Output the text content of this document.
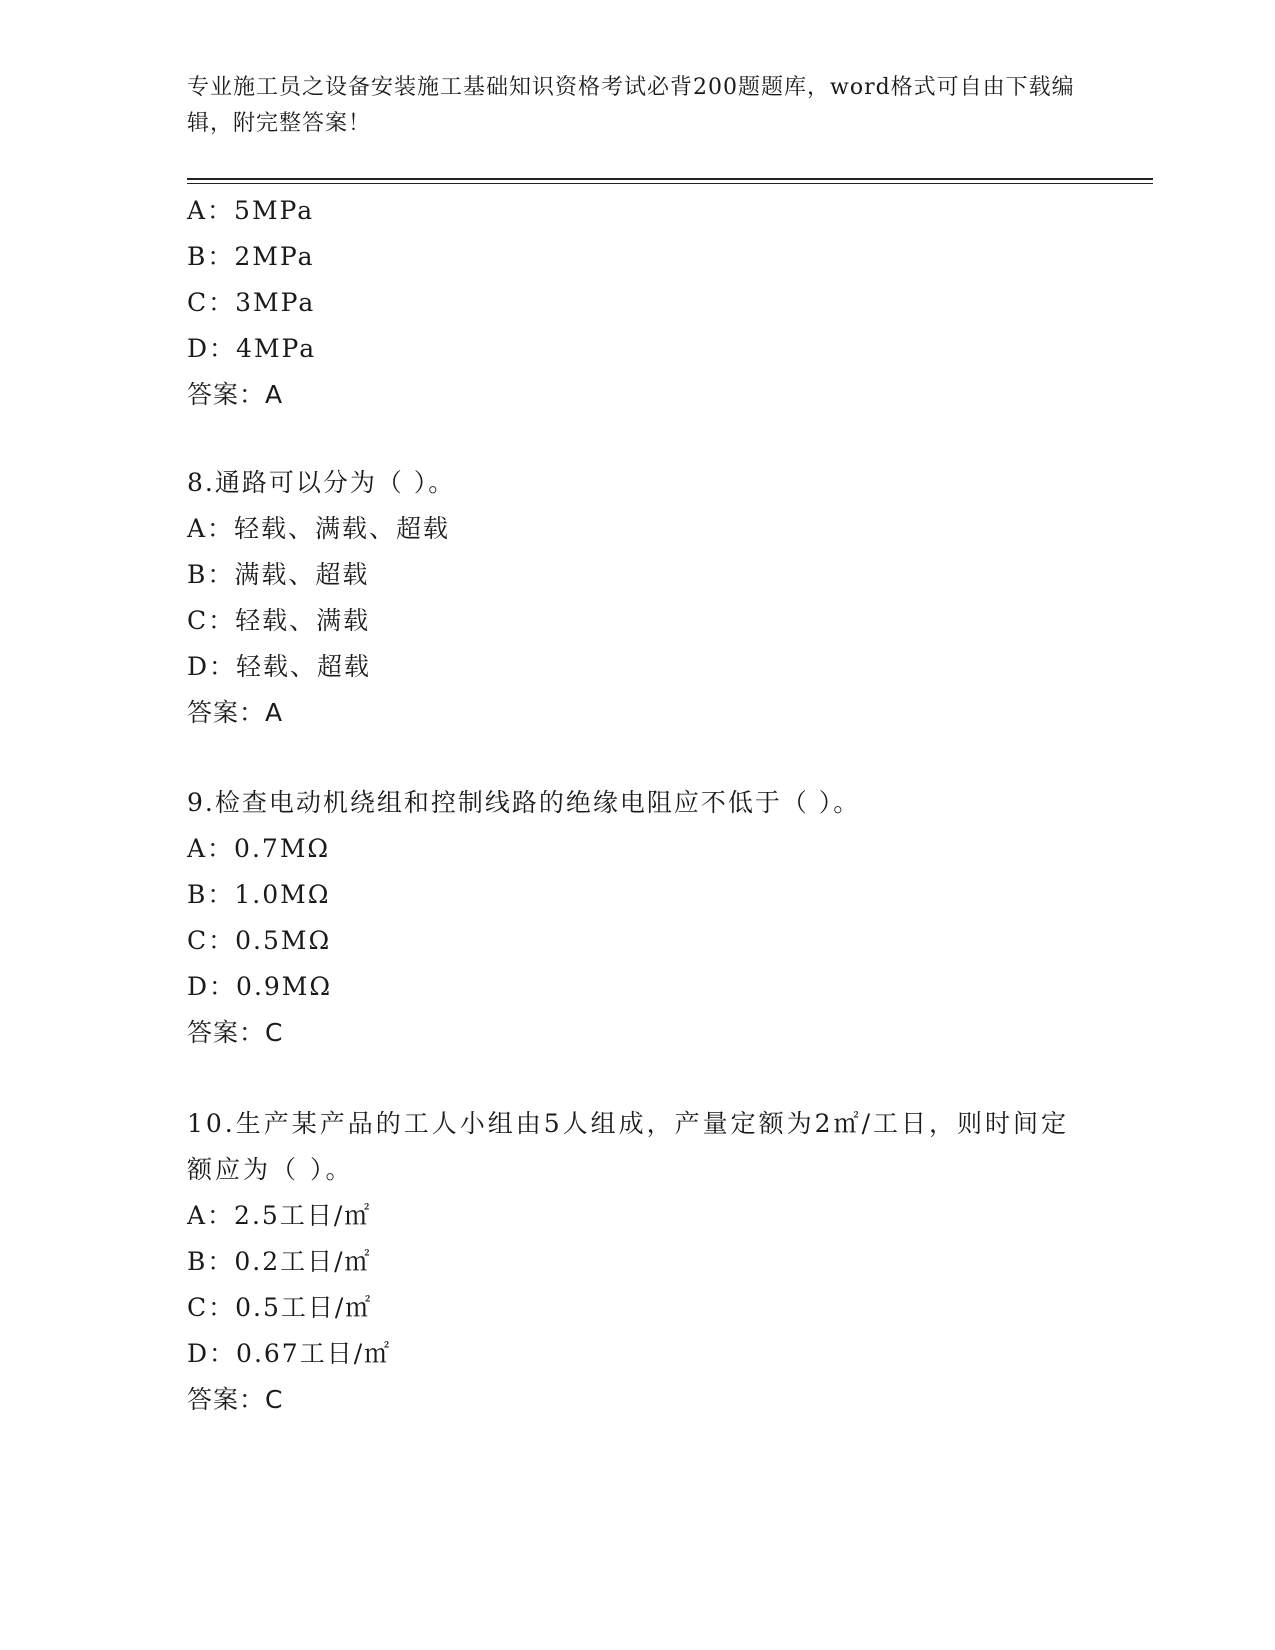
专业施工员之设备安装施工基础知识资格考试必背200题题库，word格式可自由下载编辑，附完整答案！
A：5MPa
B：2MPa
C：3MPa
D：4MPa
答案：A
8.通路可以分为（ ）。
A：轻载、满载、超载
B：满载、超载
C：轻载、满载
D：轻载、超载
答案：A
9.检查电动机绕组和控制线路的绝缘电阻应不低于（ ）。
A：0.7MΩ
B：1.0MΩ
C：0.5MΩ
D：0.9MΩ
答案：C
10.生产某产品的工人小组由5人组成，产量定额为2㎡/工日，则时间定额应为（ ）。
A：2.5工日/㎡
B：0.2工日/㎡
C：0.5工日/㎡
D：0.67工日/㎡
答案：C
